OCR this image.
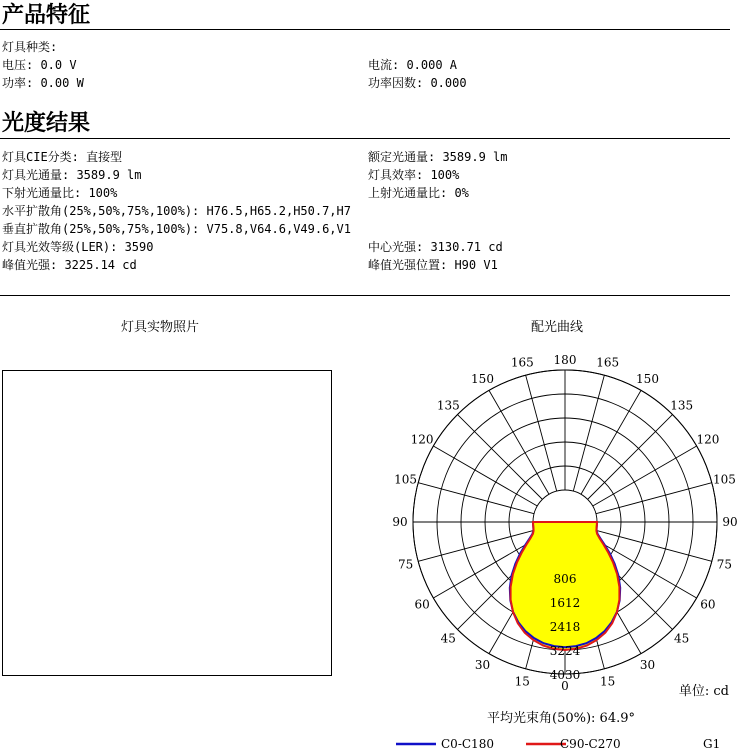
产品特征
灯具种类:
电压: 0.0 V	电流: 0.000 A
功率: 0.00 W	功率因数: 0.000
光度结果
灯具CIE分类: 直接型	额定光通量: 3589.9 lm
灯具光通量: 3589.9 lm	灯具效率: 100%
下射光通量比: 100%	上射光通量比: 0%
水平扩散角(25%,50%,75%,100%): H76.5,H65.2,H50.7,H7
垂直扩散角(25%,50%,75%,100%): V75.8,V64.6,V49.6,V1
灯具光效等级(LER): 3590	中心光强: 3130.71 cd
峰值光强: 3225.14 cd	峰值光强位置: H90 V1
灯具实物照片	配光曲线
806
1612
2418
3224
4030
0	15
15
30
30
45
45
60
60
75
75
90
90
105
105
120
120
135
135
150
150
165
165 180
单位: cd
平均光束角(50%): 64.9°
C0-C180	C90-C270	G1
